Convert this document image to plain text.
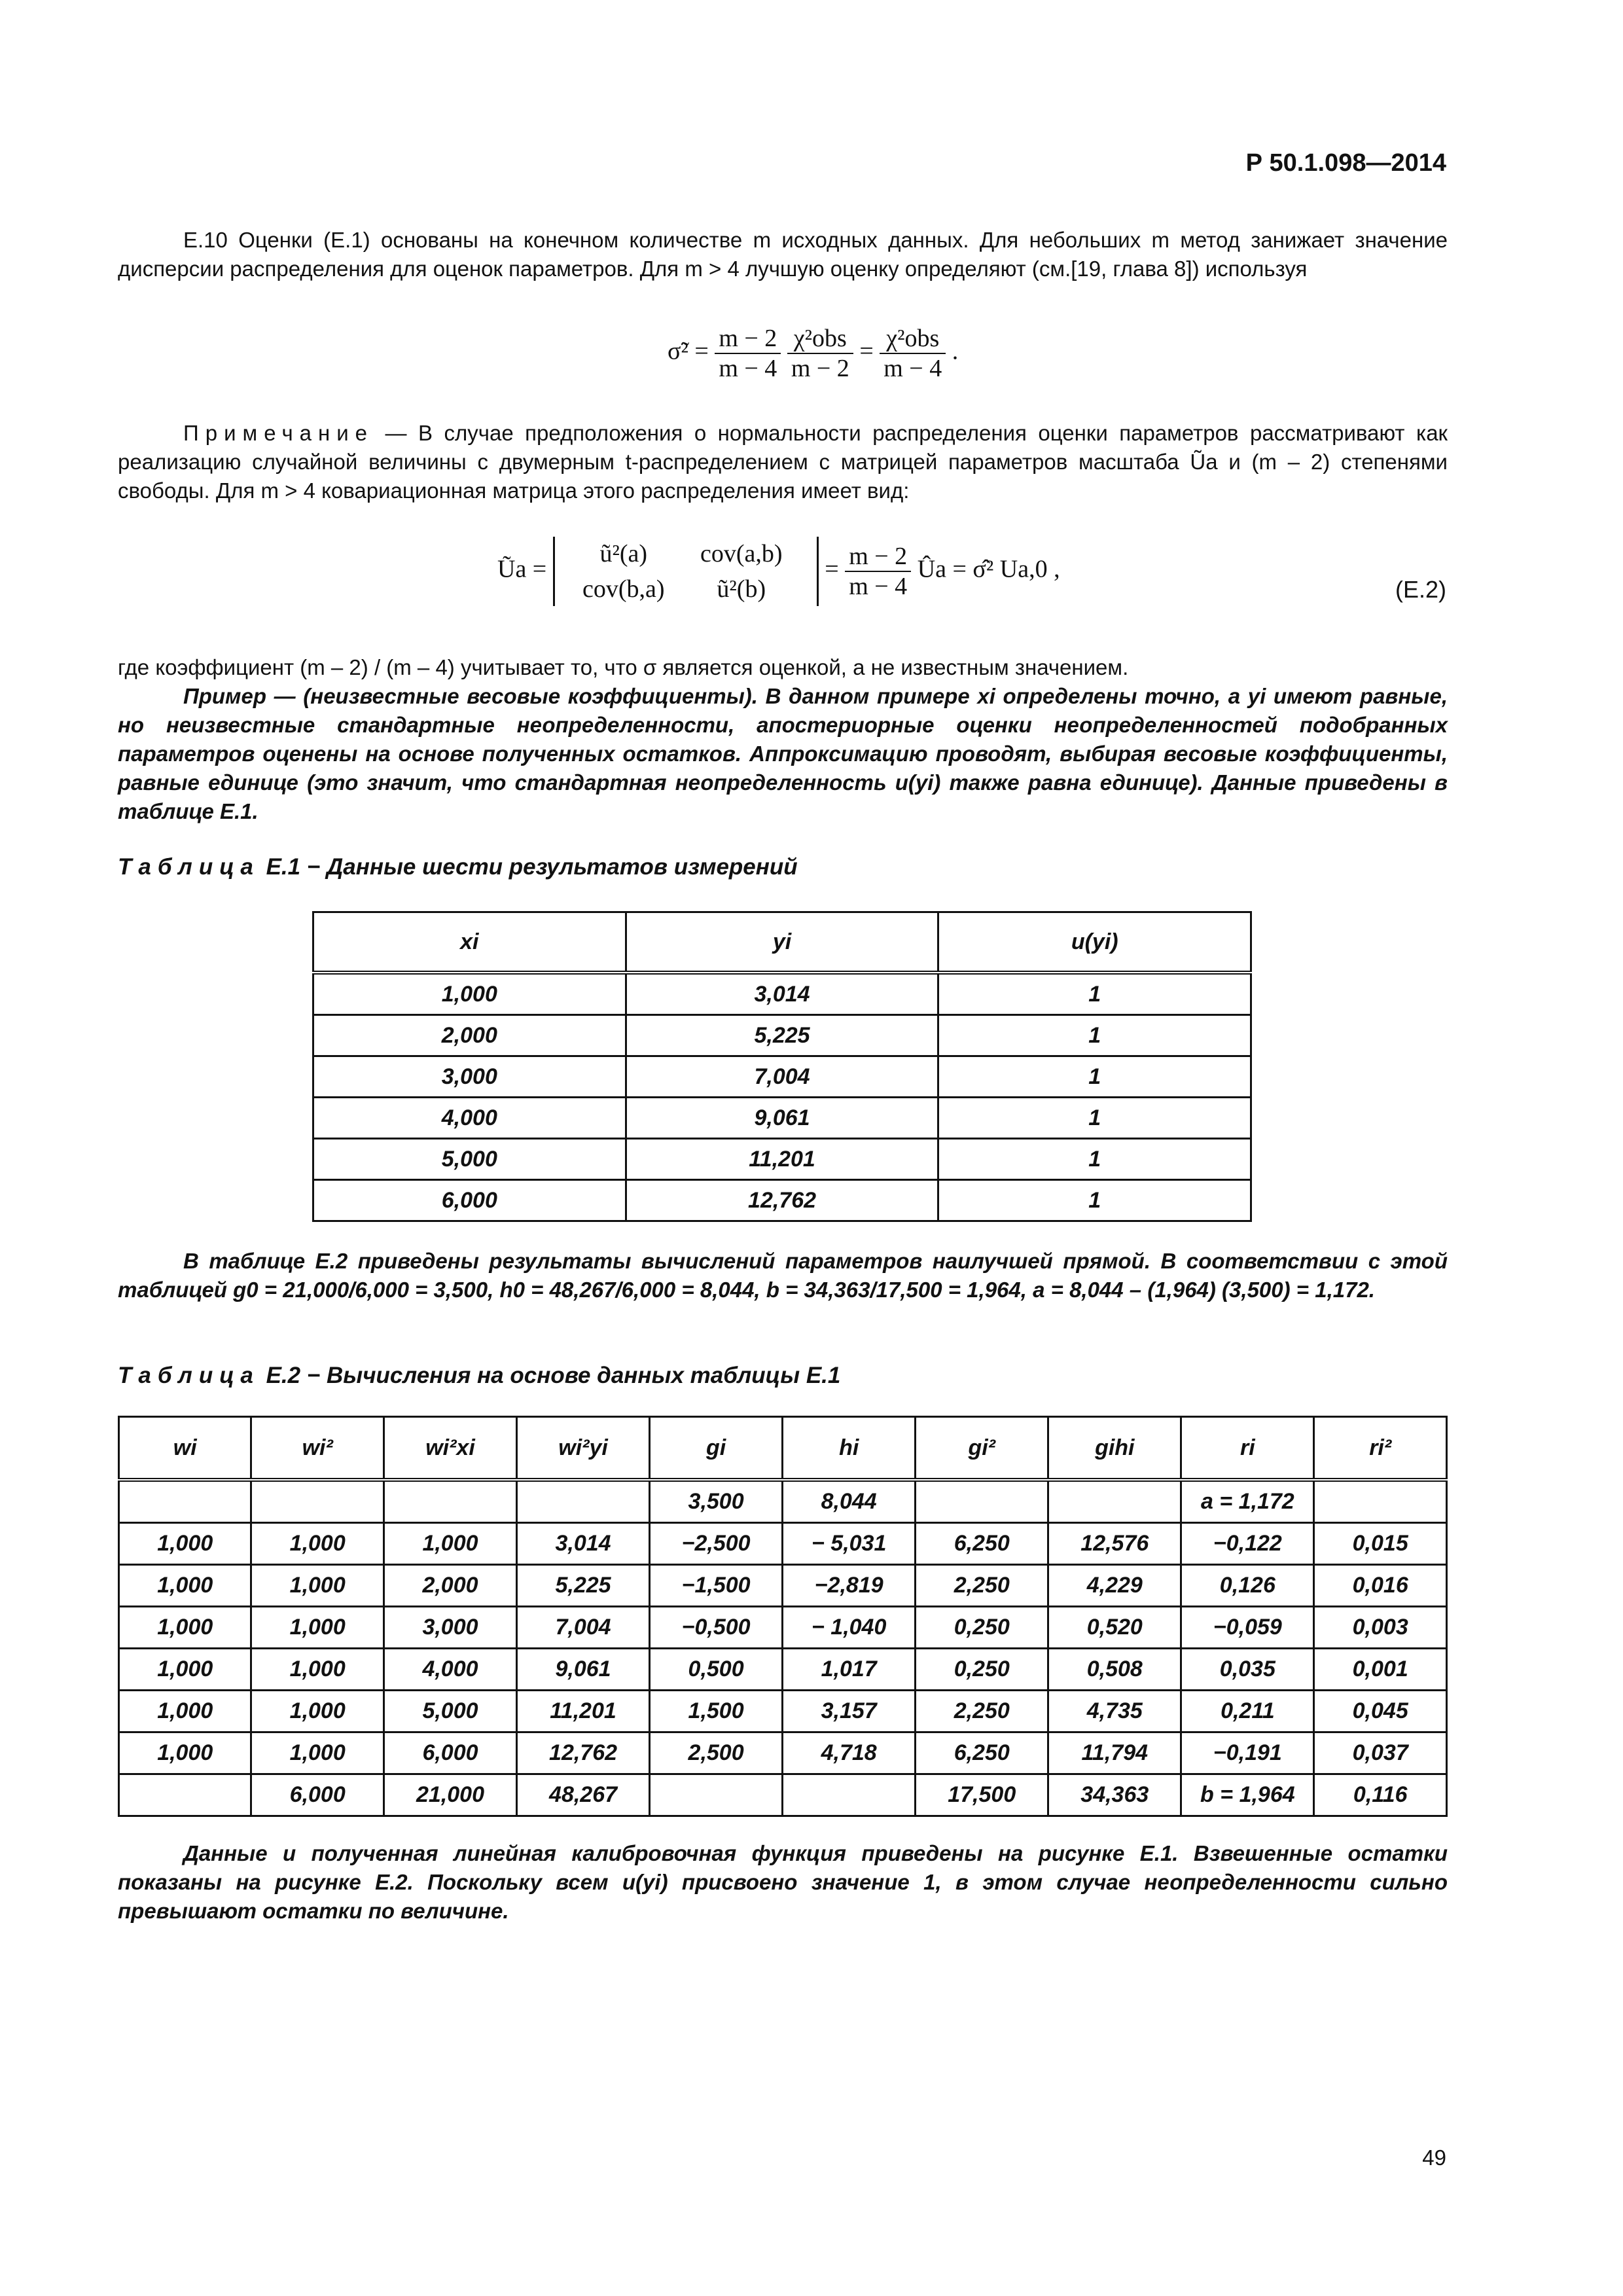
Р 50.1.098—2014
Е.10 Оценки (Е.1) основаны на конечном количестве m исходных данных. Для небольших m метод занижает значение дисперсии распределения для оценок параметров. Для m > 4 лучшую оценку определяют (см.[19, глава 8]) используя
σ̃² = $\frac{m - 2}{m - 4}$
$\frac{\text{χ²obs}}{m - 2} = \frac{\text{χ²obs}}{m - 4}$ .
Примечание — В случае предположения о нормальности распределения оценки параметров рассматривают как реализацию случайной величины с двумерным t-распределением с матрицей параметров масштаба Ũa и (m – 2) степенями свободы. Для m > 4 ковариационная матрица этого распределения имеет вид:
Ũa =
ũ²(a)	cov(a,b)
cov(b,a)	ũ²(b)
= $\frac{m - 2}{m - 4}$ Ûa = σ̂² Ua,0 ,
(Е.2)
где коэффициент (m – 2) / (m – 4) учитывает то, что σ является оценкой, а не известным значением.
Пример — (неизвестные весовые коэффициенты). В данном примере xi определены точно, а yi имеют равные, но неизвестные стандартные неопределенности, апостериорные оценки неопределенностей подобранных параметров оценены на основе полученных остатков. Аппроксимацию проводят, выбирая весовые коэффициенты, равные единице (это значит, что стандартная неопределенность u(yi) также равна единице). Данные приведены в таблице Е.1.
Таблица Е.1 − Данные шести результатов измерений
xi	yi	u(yi)
1,000	3,014	1
2,000	5,225	1
3,000	7,004	1
4,000	9,061	1
5,000	11,201	1
6,000	12,762	1
В таблице Е.2 приведены результаты вычислений параметров наилучшей прямой. В соответствии с этой таблицей g0 = 21,000/6,000 = 3,500, h0 = 48,267/6,000 = 8,044, b = 34,363/17,500 = 1,964, a = 8,044 – (1,964) (3,500) = 1,172.
Таблица Е.2 − Вычисления на основе данных таблицы Е.1
wi	wi²	wi²xi	wi²yi	gi	hi	gi²	gihi	ri	ri²
				3,500	8,044			a = 1,172	
1,000	1,000	1,000	3,014	−2,500	− 5,031	6,250	12,576	−0,122	0,015
1,000	1,000	2,000	5,225	−1,500	−2,819	2,250	4,229	0,126	0,016
1,000	1,000	3,000	7,004	−0,500	− 1,040	0,250	0,520	−0,059	0,003
1,000	1,000	4,000	9,061	0,500	1,017	0,250	0,508	0,035	0,001
1,000	1,000	5,000	11,201	1,500	3,157	2,250	4,735	0,211	0,045
1,000	1,000	6,000	12,762	2,500	4,718	6,250	11,794	−0,191	0,037
	6,000	21,000	48,267			17,500	34,363	b = 1,964	0,116
Данные и полученная линейная калибровочная функция приведены на рисунке Е.1. Взвешенные остатки показаны на рисунке Е.2. Поскольку всем u(yi) присвоено значение 1, в этом случае неопределенности сильно превышают остатки по величине.
49
